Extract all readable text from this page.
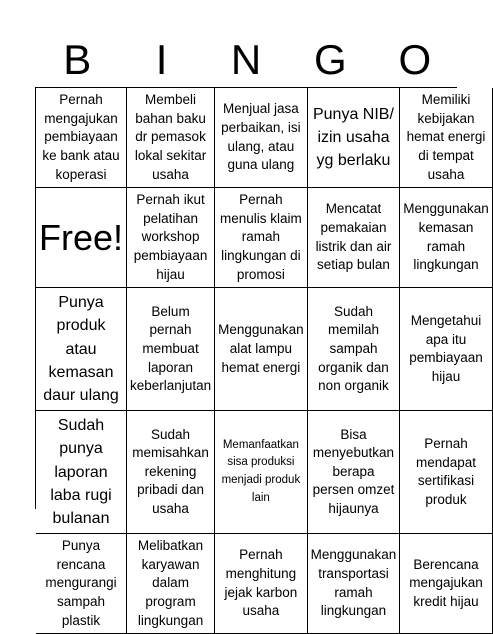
B	I	N	G	O
Pernah mengajukan pembiayaan ke bank atau koperasi
Membeli bahan baku dr pemasok lokal sekitar usaha
Menjual jasa perbaikan, isi ulang, atau guna ulang
Punya NIB/ izin usaha yg berlaku
Memiliki kebijakan hemat energi di tempat usaha
Free!
Pernah ikut pelatihan workshop pembiayaan hijau
Pernah menulis klaim ramah lingkungan di promosi
Mencatat pemakaian listrik dan air setiap bulan
Menggunakan kemasan ramah lingkungan
Punya produk atau kemasan daur ulang
Belum pernah membuat laporan keberlanjutan
Menggunakan alat lampu hemat energi
Sudah memilah sampah organik dan non organik
Mengetahui apa itu pembiayaan hijau
Sudah punya laporan laba rugi bulanan
Sudah memisahkan rekening pribadi dan usaha
Memanfaatkan sisa produksi menjadi produk lain
Bisa menyebutkan berapa persen omzet hijaunya
Pernah mendapat sertifikasi produk
Punya rencana mengurangi sampah plastik
Melibatkan karyawan dalam program lingkungan
Pernah menghitung jejak karbon usaha
Menggunakan transportasi ramah lingkungan
Berencana mengajukan kredit hijau
